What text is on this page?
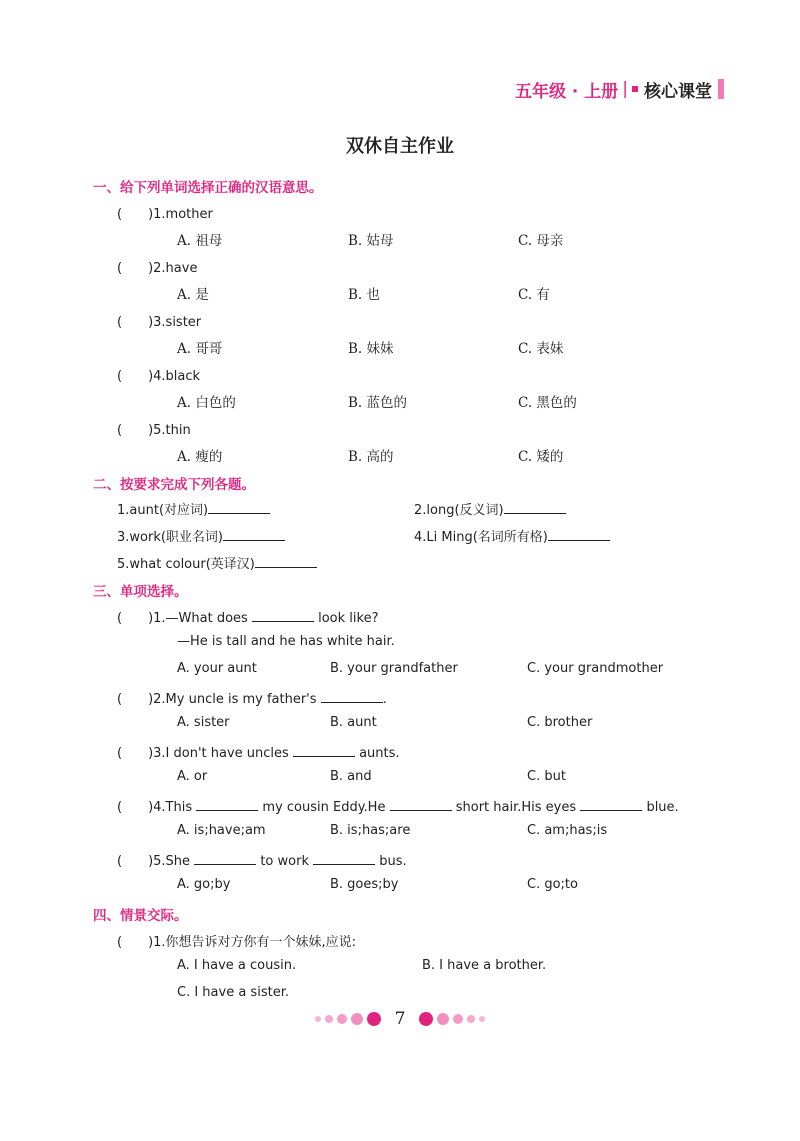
五年级 · 上册 | 核心课堂
双休自主作业
一、给下列单词选择正确的汉语意思。
(　　)1.mother
A. 祖母	B. 姑母	C. 母亲
(　　)2.have
A. 是	B. 也	C. 有
(　　)3.sister
A. 哥哥	B. 妹妹	C. 表妹
(　　)4.black
A. 白色的	B. 蓝色的	C. 黑色的
(　　)5.thin
A. 瘦的	B. 高的	C. 矮的
二、按要求完成下列各题。
1.aunt(对应词)	2.long(反义词)
3.work(职业名词)	4.Li Ming(名词所有格)
5.what colour(英译汉)
三、单项选择。
(　　)1.—What does	look like?
—He is tall and he has white hair.
A. your aunt	B. your grandfather	C. your grandmother
(　　)2.My uncle is my father's	.
A. sister	B. aunt	C. brother
(　　)3.I don't have uncles	aunts.
A. or	B. and	C. but
(　　)4.This	my cousin Eddy.He	short hair.His eyes	blue.
A. is;have;am	B. is;has;are	C. am;has;is
(　　)5.She	to work	bus.
A. go;by	B. goes;by	C. go;to
四、情景交际。
(　　)1.你想告诉对方你有一个妹妹,应说:
A. I have a cousin.	B. I have a brother.
C. I have a sister.
7
